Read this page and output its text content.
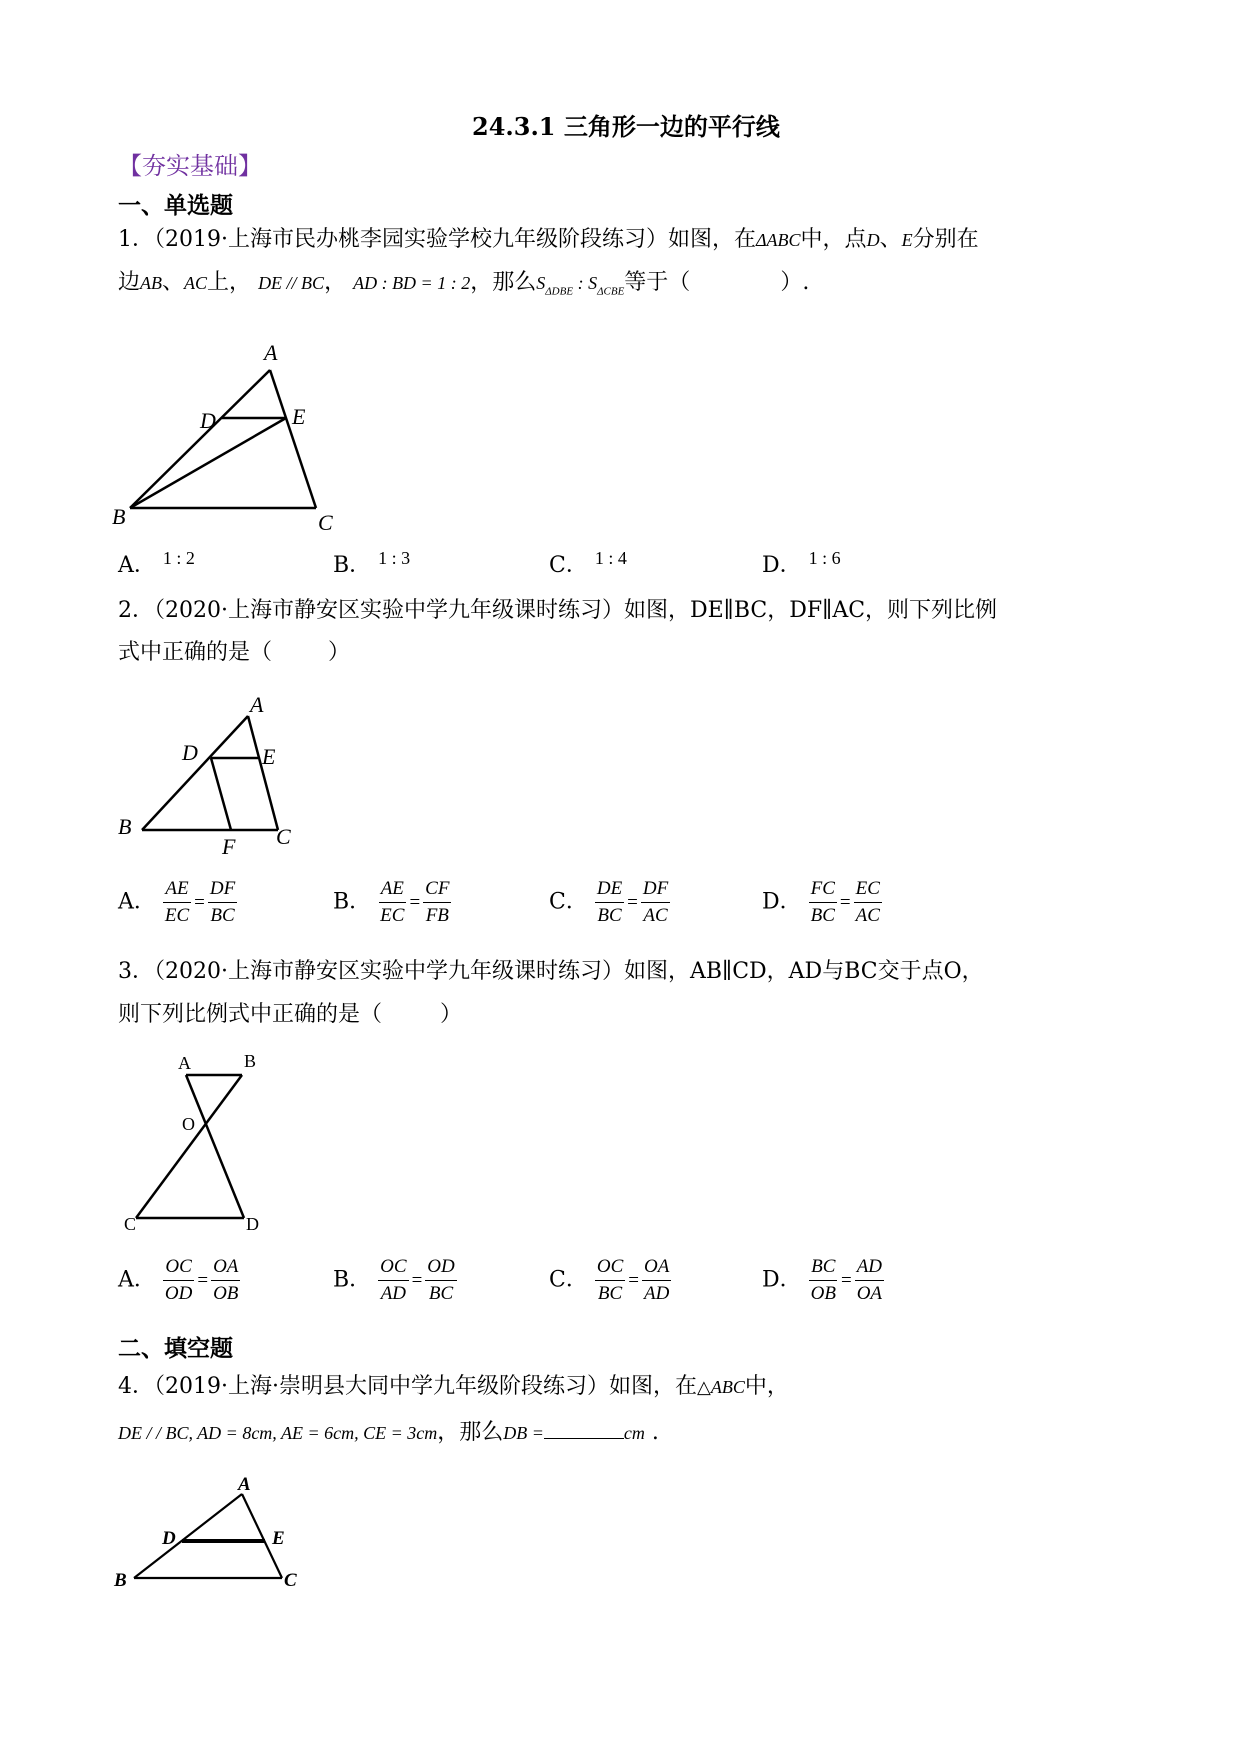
24.3.1 三角形一边的平行线
【夯实基础】
一、单选题
1．（2019·上海市民办桃李园实验学校九年级阶段练习）如图，在ΔABC中，点D、E分别在
边AB、AC上， DE // BC， AD : BD = 1 : 2，那么$S_{\Delta DBE}$ : $S_{\Delta CBE}$等于（	）.
A
D	E
B	C
A． $^{1 : 2}$	B． $^{1 : 3}$	C． $^{1 : 4}$	D． $^{1 : 6}$
2．（2020·上海市静安区实验中学九年级课时练习）如图，DE∥BC，DF∥AC，则下列比例
式中正确的是（	）
A
D	E
B
F C
A． $\frac{AE}{EC} = \frac{DF}{BC}$	B． $\frac{AE}{EC} = \frac{CF}{FB}$	C． $\frac{DE}{BC} = \frac{DF}{AC}$	D． $\frac{FC}{BC} = \frac{EC}{AC}$
3．（2020·上海市静安区实验中学九年级课时练习）如图，AB∥CD，AD与BC交于点O，
则下列比例式中正确的是（	）
A	B
O
C	D
A． $\frac{OC}{OD} = \frac{OA}{OB}$	B． $\frac{OC}{AD} = \frac{OD}{BC}$	C． $\frac{OC}{BC} = \frac{OA}{AD}$	D． $\frac{BC}{OB} = \frac{AD}{OA}$
二、填空题
4．（2019·上海·崇明县大同中学九年级阶段练习）如图，在△ABC中，
DE / / BC, AD = 8cm, AE = 6cm, CE = 3cm，那么DB =	cm .
A
D	E
B	C
